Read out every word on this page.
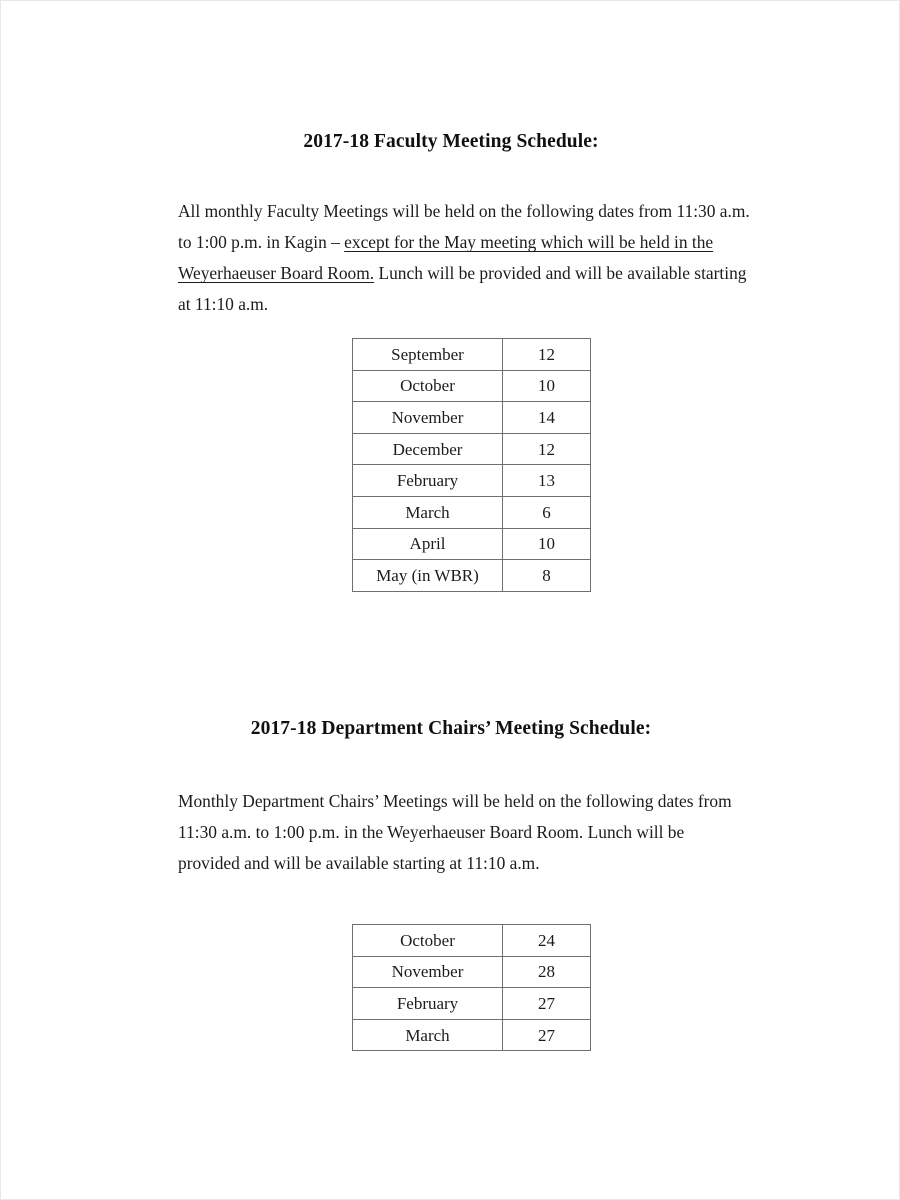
2017-18 Faculty Meeting Schedule:

All monthly Faculty Meetings will be held on the following dates from 11:30 a.m. to 1:00 p.m. in Kagin – except for the May meeting which will be held in the Weyerhaeuser Board Room. Lunch will be provided and will be available starting at 11:10 a.m.

September	12
October	10
November	14
December	12
February	13
March	6
April	10
May (in WBR)	8
2017-18 Department Chairs’ Meeting Schedule:

Monthly Department Chairs’ Meetings will be held on the following dates from 11:30 a.m. to 1:00 p.m. in the Weyerhaeuser Board Room. Lunch will be provided and will be available starting at 11:10 a.m.

October	24
November	28
February	27
March	27
